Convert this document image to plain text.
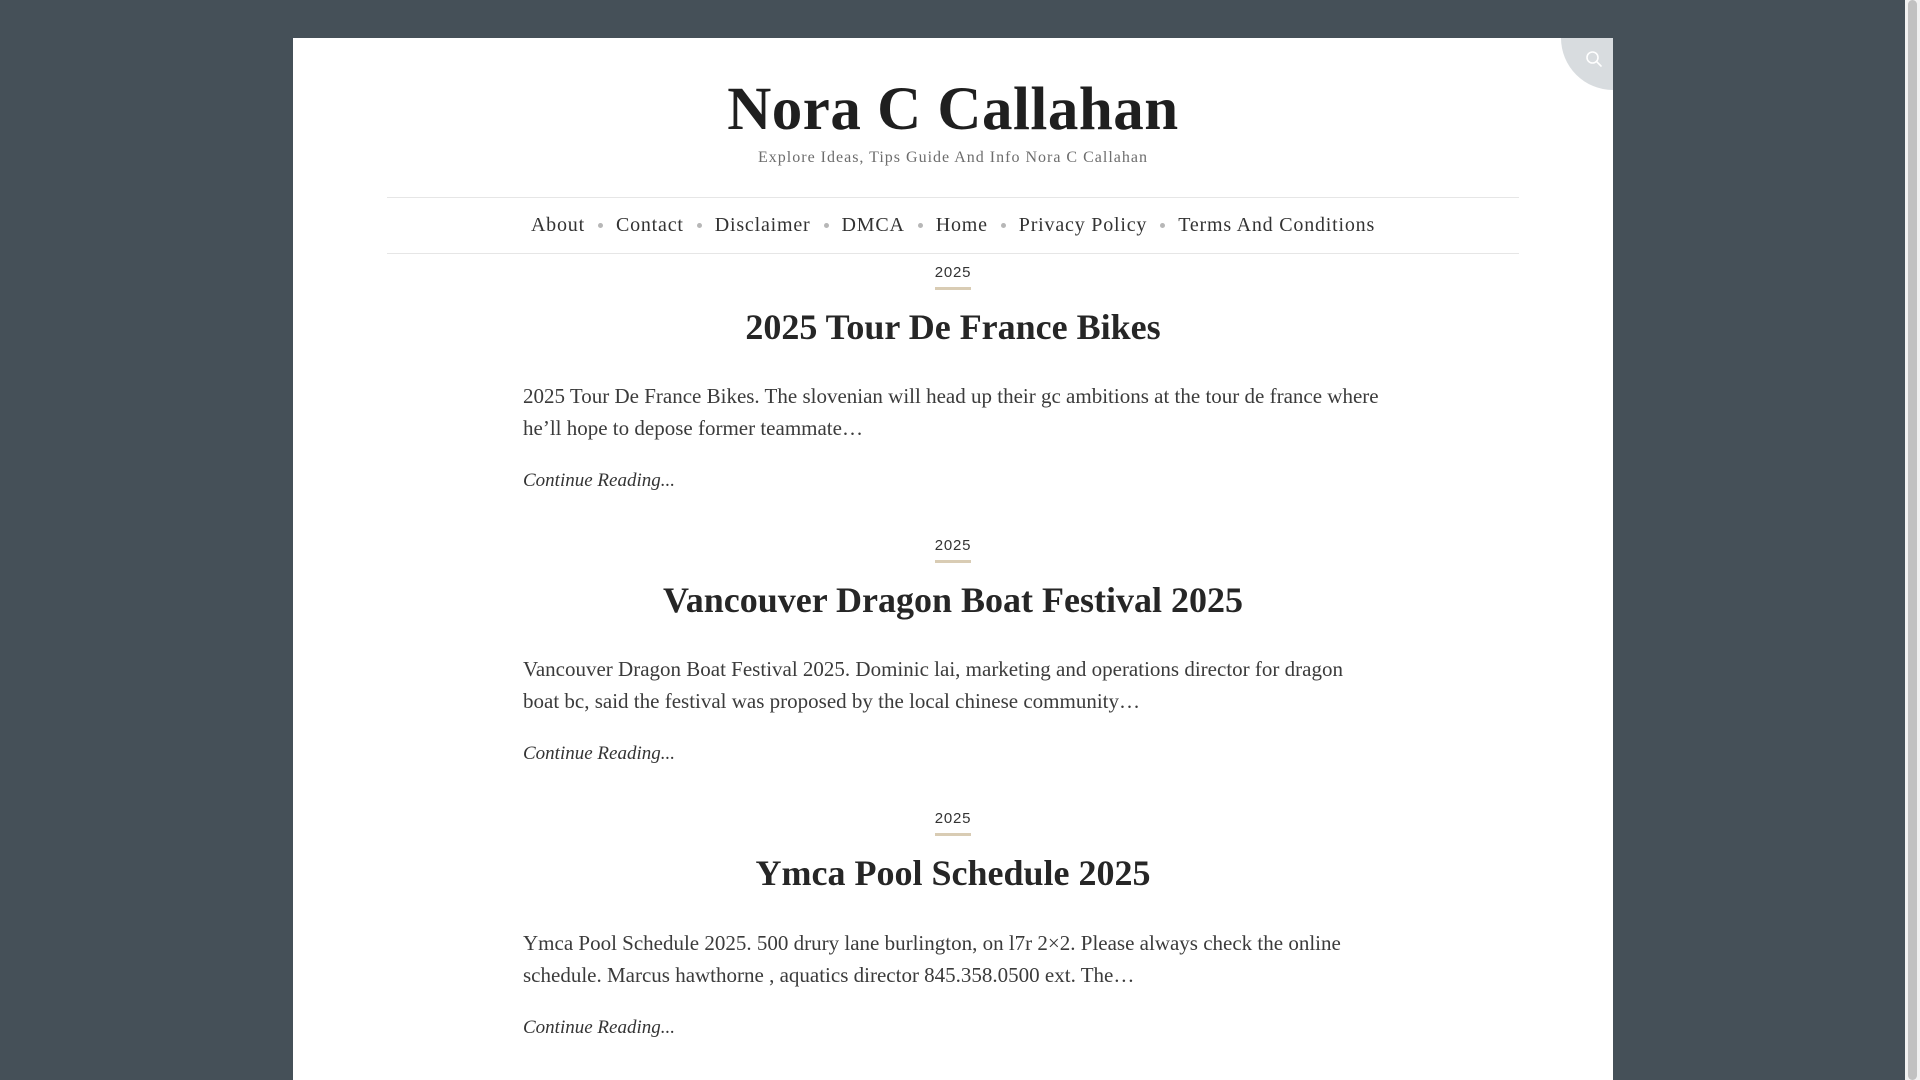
Nora C Callahan

Explore Ideas, Tips Guide And Info Nora C Callahan

About Contact Disclaimer DMCA Home Privacy Policy Terms And Conditions
2025
2025 Tour De France Bikes

2025 Tour De France Bikes. The slovenian will head up their gc ambitions at the tour de france where he’ll hope to depose former teammate…

Continue Reading...
2025
Vancouver Dragon Boat Festival 2025

Vancouver Dragon Boat Festival 2025. Dominic lai, marketing and operations director for dragon boat bc, said the festival was proposed by the local chinese community…

Continue Reading...
2025
Ymca Pool Schedule 2025

Ymca Pool Schedule 2025. 500 drury lane burlington, on l7r 2×2. Please always check the online schedule. Marcus hawthorne , aquatics director 845.358.0500 ext. The…

Continue Reading...
